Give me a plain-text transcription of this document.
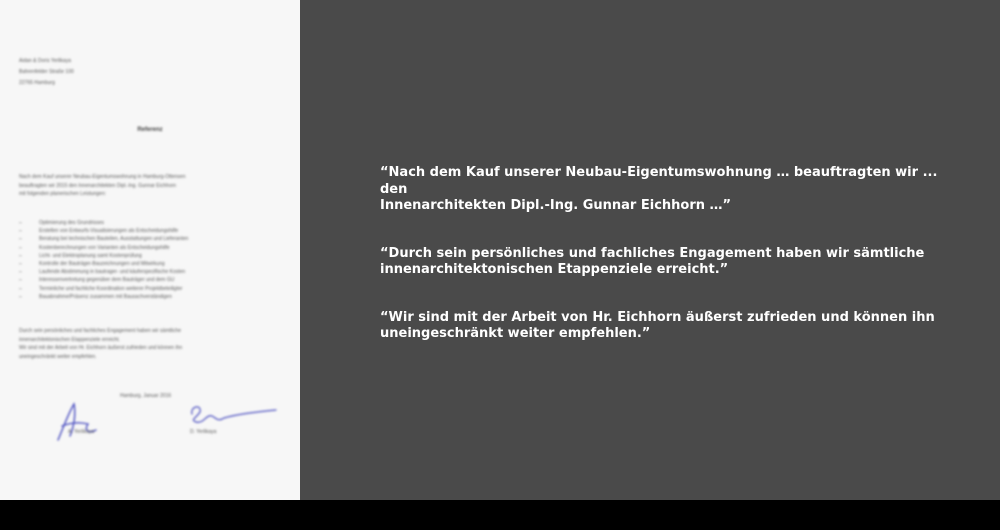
Aidan & Doris Yerlikaya
Bahrenfelder Straße 100
22765 Hamburg
Referenz
Nach dem Kauf unserer Neubau-Eigentumswohnung in Hamburg-Ottensen
beauftragten wir 2015 den Innenarchitekten Dipl.-Ing. Gunnar Eichhorn
mit folgenden planerischen Leistungen:
– Optimierung des Grundrisses
– Erstellen von Entwurfs-Visualisierungen als Entscheidungshilfe
– Beratung bei technischen Bauteilen, Ausstattungen und Lieferanten
– Kostenberechnungen von Varianten als Entscheidungshilfe
– Licht- und Elektroplanung samt Kostenprüfung
– Kontrolle der Bauträger-Bauzeichnungen und Mitwirkung
– Laufende Abstimmung in bautrager- und käuferspezifische Kosten
– Interessenvertretung gegenüber dem Bauträger und dem GU
– Terminliche und fachliche Koordination weiterer Projektbeteiligter
– Bauabnahme/Präsenz zusammen mit Bausachverständigen
Durch sein persönliches und fachliches Engagement haben wir sämtliche
innenarchitektonischen Etappenziele erreicht.
Wir sind mit der Arbeit von Hr. Eichhorn äußerst zufrieden und können ihn
uneingeschränkt weiter empfehlen.
Hamburg, Januar 2016
A. Yerlikaya	D. Yerlikaya
“Nach dem Kauf unserer Neubau-Eigentumswohnung … beauftragten wir ... den
Innenarchitekten Dipl.-Ing. Gunnar Eichhorn …”
“Durch sein persönliches und fachliches Engagement haben wir sämtliche
innenarchitektonischen Etappenziele erreicht.”
“Wir sind mit der Arbeit von Hr. Eichhorn äußerst zufrieden und können ihn
uneingeschränkt weiter empfehlen.”
